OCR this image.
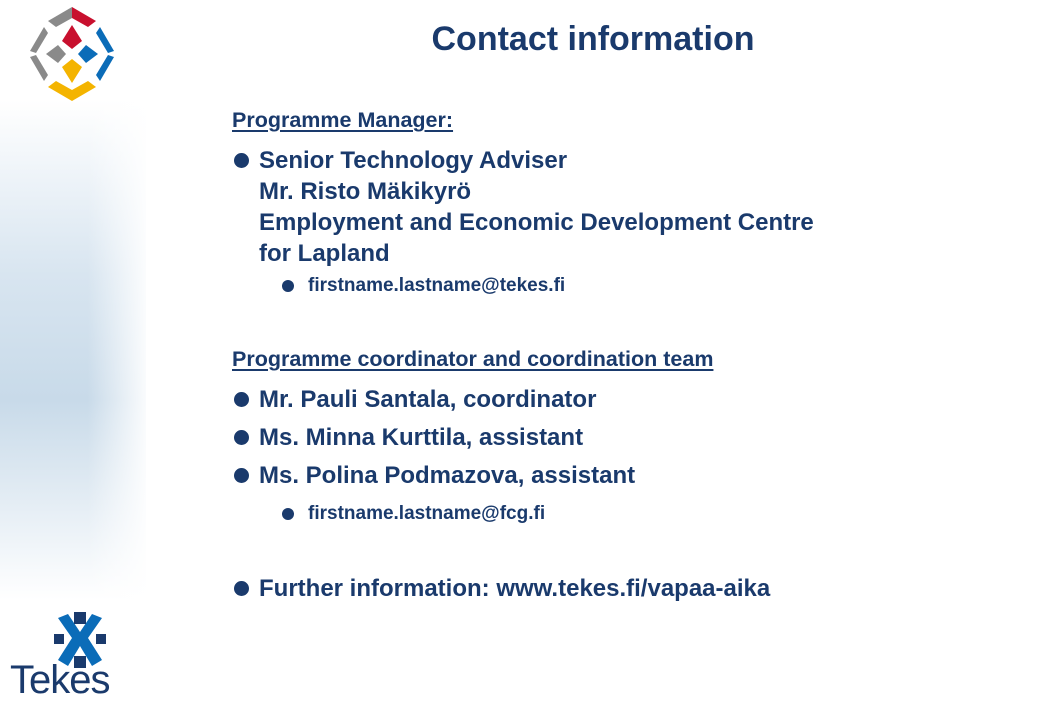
Contact information
Programme Manager:
Senior Technology Adviser
Mr. Risto Mäkikyrö
Employment and Economic Development Centre
for Lapland
firstname.lastname@tekes.fi
Programme coordinator and coordination team
Mr. Pauli Santala, coordinator
Ms. Minna Kurttila, assistant
Ms. Polina Podmazova, assistant
firstname.lastname@fcg.fi
Further information: www.tekes.fi/vapaa-aika
Tekes
